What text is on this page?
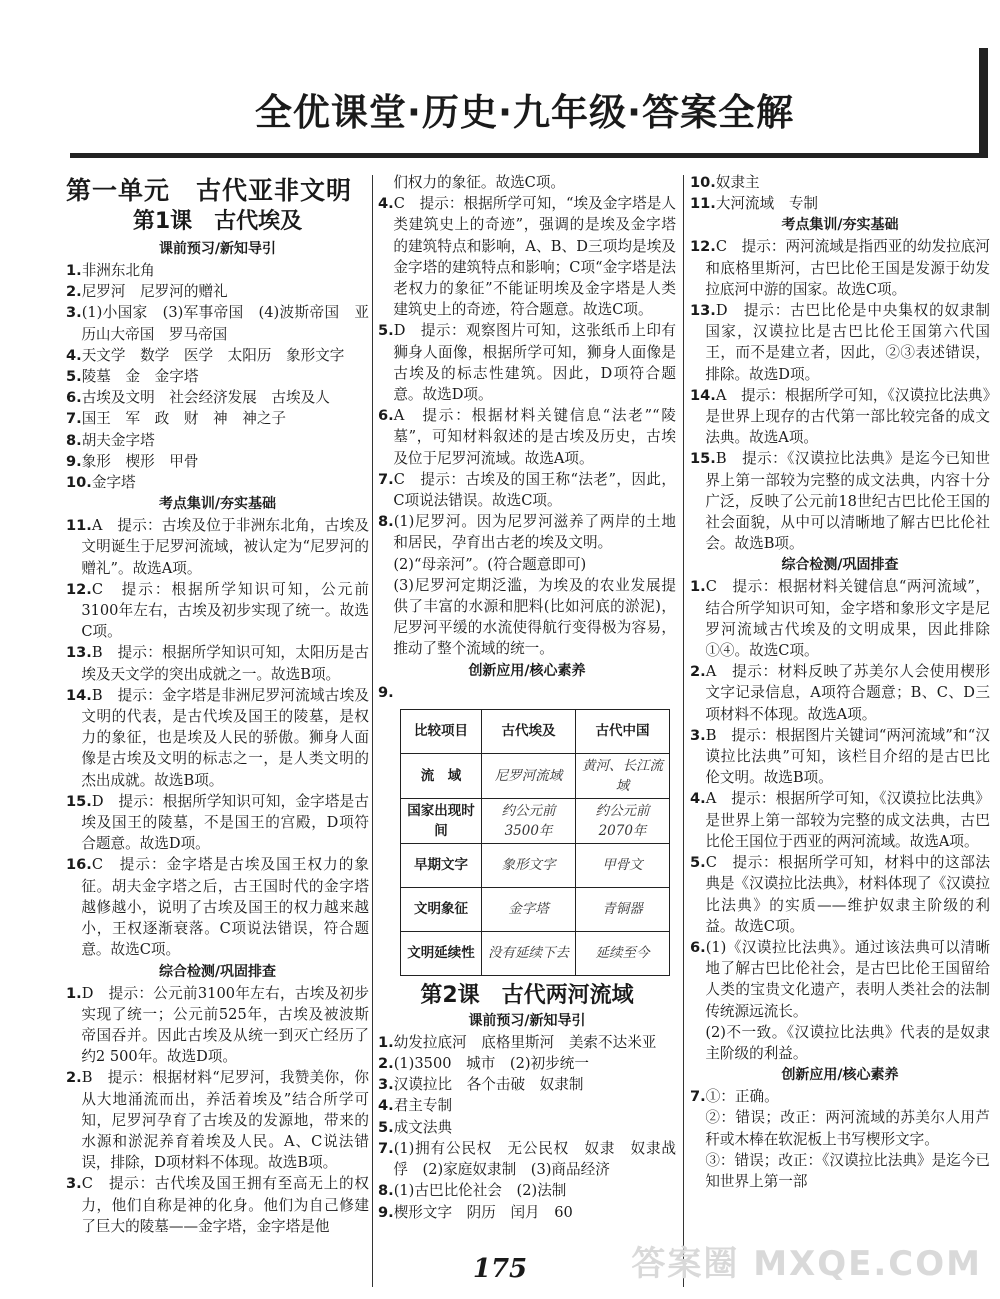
全优课堂·历史·九年级·答案全解
第一单元　古代亚非文明
第1课　古代埃及
课前预习/新知导引

1.非洲东北角

2.尼罗河　尼罗河的赠礼

3.(1)小国家　(3)军事帝国　(4)波斯帝国　亚历山大帝国　罗马帝国

4.天文学　数学　医学　太阳历　象形文字

5.陵墓　金　金字塔

6.古埃及文明　社会经济发展　古埃及人

7.国王　军　政　财　神　神之子

8.胡夫金字塔

9.象形　楔形　甲骨

10.金字塔

考点集训/夯实基础

11.A　提示：古埃及位于非洲东北角，古埃及文明诞生于尼罗河流域，被认定为“尼罗河的赠礼”。故选A项。

12.C　提示：根据所学知识可知，公元前3100年左右，古埃及初步实现了统一。故选C项。

13.B　提示：根据所学知识可知，太阳历是古埃及天文学的突出成就之一。故选B项。

14.B　提示：金字塔是非洲尼罗河流域古埃及文明的代表，是古代埃及国王的陵墓，是权力的象征，也是埃及人民的骄傲。狮身人面像是古埃及文明的标志之一，是人类文明的杰出成就。故选B项。

15.D　提示：根据所学知识可知，金字塔是古埃及国王的陵墓，不是国王的宫殿，D项符合题意。故选D项。

16.C　提示：金字塔是古埃及国王权力的象征。胡夫金字塔之后，古王国时代的金字塔越修越小，说明了古埃及国王的权力越来越小，王权逐渐衰落。C项说法错误，符合题意。故选C项。

综合检测/巩固排查

1.D　提示：公元前3100年左右，古埃及初步实现了统一；公元前525年，古埃及被波斯帝国吞并。因此古埃及从统一到灭亡经历了约2 500年。故选D项。

2.B　提示：根据材料“尼罗河，我赞美你，你从大地涌流而出，养活着埃及”结合所学可知，尼罗河孕育了古埃及的发源地，带来的水源和淤泥养育着埃及人民。A、C说法错误，排除，D项材料不体现。故选B项。

3.C　提示：古代埃及国王拥有至高无上的权力，他们自称是神的化身。他们为自己修建了巨大的陵墓——金字塔，金字塔是他

们权力的象征。故选C项。

4.C　提示：根据所学可知，“埃及金字塔是人类建筑史上的奇迹”，强调的是埃及金字塔的建筑特点和影响，A、B、D三项均是埃及金字塔的建筑特点和影响；C项“金字塔是法老权力的象征”不能证明埃及金字塔是人类建筑史上的奇迹，符合题意。故选C项。

5.D　提示：观察图片可知，这张纸币上印有狮身人面像，根据所学可知，狮身人面像是古埃及的标志性建筑。因此，D项符合题意。故选D项。

6.A　提示：根据材料关键信息“法老”“陵墓”，可知材料叙述的是古埃及历史，古埃及位于尼罗河流域。故选A项。

7.C　提示：古埃及的国王称“法老”，因此，C项说法错误。故选C项。

8.(1)尼罗河。因为尼罗河滋养了两岸的土地和居民，孕育出古老的埃及文明。

(2)“母亲河”。(符合题意即可)

(3)尼罗河定期泛滥，为埃及的农业发展提供了丰富的水源和肥料(比如河底的淤泥)，尼罗河平缓的水流使得航行变得极为容易，推动了整个流域的统一。

创新应用/核心素养

9.

比较项目	古代埃及	古代中国
流　域	尼罗河流域	黄河、长江流域
国家出现时间	约公元前3500年	约公元前2070年
早期文字	象形文字	甲骨文
文明象征	金字塔	青铜器
文明延续性	没有延续下去	延续至今
第2课　古代两河流域
课前预习/新知导引

1.幼发拉底河　底格里斯河　美索不达米亚

2.(1)3500　城市　(2)初步统一

3.汉谟拉比　各个击破　奴隶制

4.君主专制

5.成文法典

7.(1)拥有公民权　无公民权　奴隶　奴隶战俘　(2)家庭奴隶制　(3)商品经济

8.(1)古巴比伦社会　(2)法制

9.楔形文字　阴历　闰月　60

10.奴隶主

11.大河流域　专制

考点集训/夯实基础

12.C　提示：两河流域是指西亚的幼发拉底河和底格里斯河，古巴比伦王国是发源于幼发拉底河中游的国家。故选C项。

13.D　提示：古巴比伦是中央集权的奴隶制国家，汉谟拉比是古巴比伦王国第六代国王，而不是建立者，因此，②③表述错误，排除。故选D项。

14.A　提示：根据所学可知，《汉谟拉比法典》是世界上现存的古代第一部比较完备的成文法典。故选A项。

15.B　提示：《汉谟拉比法典》是迄今已知世界上第一部较为完整的成文法典，内容十分广泛，反映了公元前18世纪古巴比伦王国的社会面貌，从中可以清晰地了解古巴比伦社会。故选B项。

综合检测/巩固排查

1.C　提示：根据材料关键信息“两河流域”，结合所学知识可知，金字塔和象形文字是尼罗河流域古代埃及的文明成果，因此排除①④。故选C项。

2.A　提示：材料反映了苏美尔人会使用楔形文字记录信息，A项符合题意；B、C、D三项材料不体现。故选A项。

3.B　提示：根据图片关键词“两河流域”和“汉谟拉比法典”可知，该栏目介绍的是古巴比伦文明。故选B项。

4.A　提示：根据所学可知，《汉谟拉比法典》是世界上第一部较为完整的成文法典，古巴比伦王国位于西亚的两河流域。故选A项。

5.C　提示：根据所学可知，材料中的这部法典是《汉谟拉比法典》，材料体现了《汉谟拉比法典》的实质——维护奴隶主阶级的利益。故选C项。

6.(1)《汉谟拉比法典》。通过该法典可以清晰地了解古巴比伦社会，是古巴比伦王国留给人类的宝贵文化遗产，表明人类社会的法制传统源远流长。

(2)不一致。《汉谟拉比法典》代表的是奴隶主阶级的利益。

创新应用/核心素养

7.①：正确。

②：错误；改正：两河流域的苏美尔人用芦秆或木棒在软泥板上书写楔形文字。

③：错误；改正：《汉谟拉比法典》是迄今已知世界上第一部

175	答案圈 MXQE.COM
